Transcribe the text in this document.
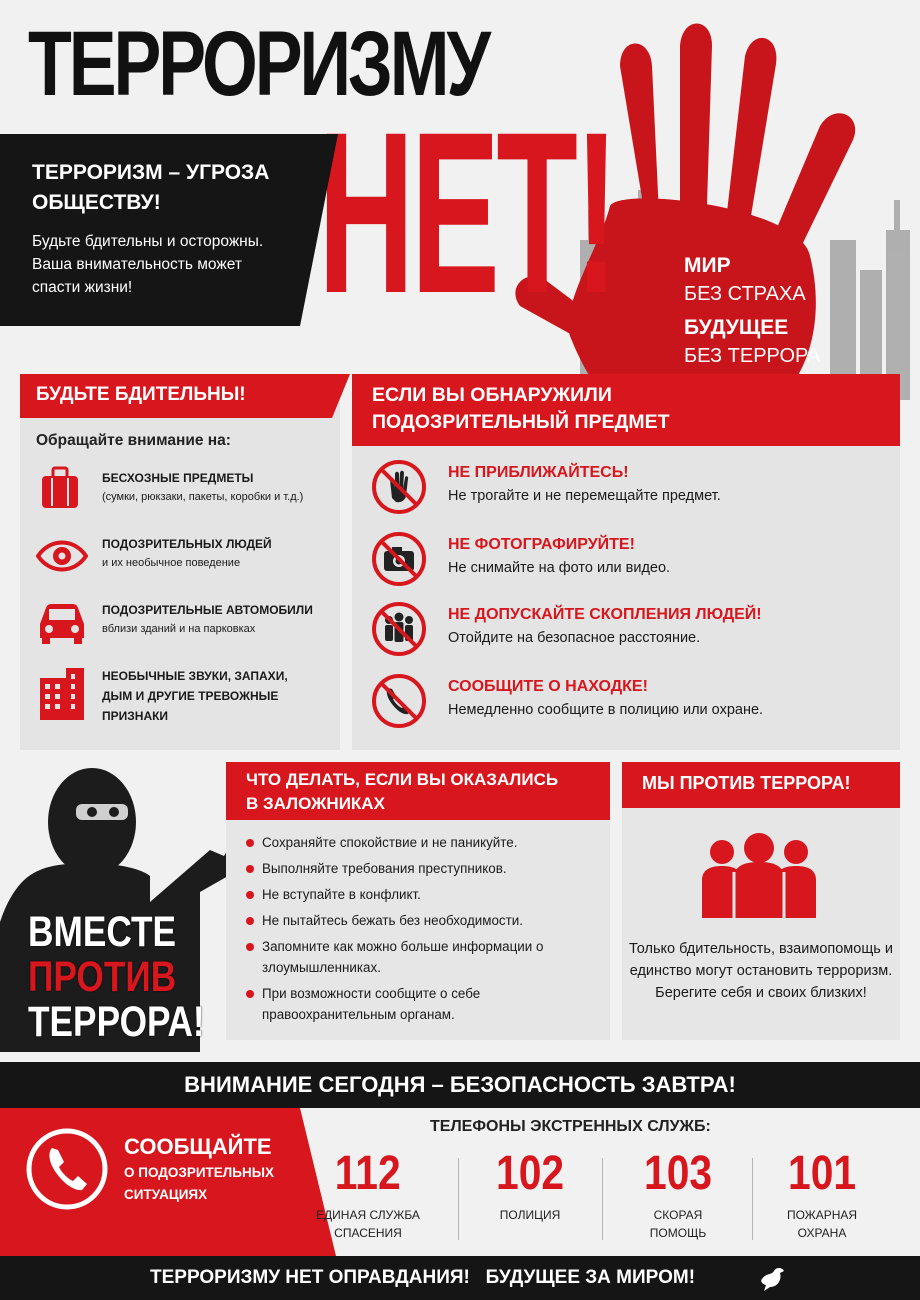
ТЕРРОРИЗМУ
НЕТ!
ТЕРРОРИЗМ – УГРОЗА ОБЩЕСТВУ!
Будьте бдительны и осторожны. Ваша внимательность может спасти жизни!
МИР
БЕЗ СТРАХА
БУДУЩЕЕ
БЕЗ ТЕРРОРА
БУДЬТЕ БДИТЕЛЬНЫ!
Обращайте внимание на:
БЕСХОЗНЫЕ ПРЕДМЕТЫ
(сумки, рюкзаки, пакеты, коробки и т.д.)
ПОДОЗРИТЕЛЬНЫХ ЛЮДЕЙ
и их необычное поведение
ПОДОЗРИТЕЛЬНЫЕ АВТОМОБИЛИ
вблизи зданий и на парковках
НЕОБЫЧНЫЕ ЗВУКИ, ЗАПАХИ,
ДЫМ И ДРУГИЕ ТРЕВОЖНЫЕ
ПРИЗНАКИ
ЕСЛИ ВЫ ОБНАРУЖИЛИ ПОДОЗРИТЕЛЬНЫЙ ПРЕДМЕТ
НЕ ПРИБЛИЖАЙТЕСЬ!
Не трогайте и не перемещайте предмет.
НЕ ФОТОГРАФИРУЙТЕ!
Не снимайте на фото или видео.
НЕ ДОПУСКАЙТЕ СКОПЛЕНИЯ ЛЮДЕЙ!
Отойдите на безопасное расстояние.
СООБЩИТЕ О НАХОДКЕ!
Немедленно сообщите в полицию или охране.
ВМЕСТЕ
ПРОТИВ
ТЕРРОРА!
ЧТО ДЕЛАТЬ, ЕСЛИ ВЫ ОКАЗАЛИСЬ В ЗАЛОЖНИКАХ
Сохраняйте спокойствие и не паникуйте.
Выполняйте требования преступников.
Не вступайте в конфликт.
Не пытайтесь бежать без необходимости.
Запомните как можно больше информации о злоумышленниках.
При возможности сообщите о себе правоохранительным органам.
МЫ ПРОТИВ ТЕРРОРА!
Только бдительность, взаимопомощь и единство могут остановить терроризм. Берегите себя и своих близких!
ВНИМАНИЕ СЕГОДНЯ – БЕЗОПАСНОСТЬ ЗАВТРА!
СООБЩАЙТЕ
О ПОДОЗРИТЕЛЬНЫХ СИТУАЦИЯХ
ТЕЛЕФОНЫ ЭКСТРЕННЫХ СЛУЖБ:
112
ЕДИНАЯ СЛУЖБА СПАСЕНИЯ
102
ПОЛИЦИЯ
103
СКОРАЯ ПОМОЩЬ
101
ПОЖАРНАЯ ОХРАНА
ТЕРРОРИЗМУ НЕТ ОПРАВДАНИЯ!   БУДУЩЕЕ ЗА МИРОМ!
